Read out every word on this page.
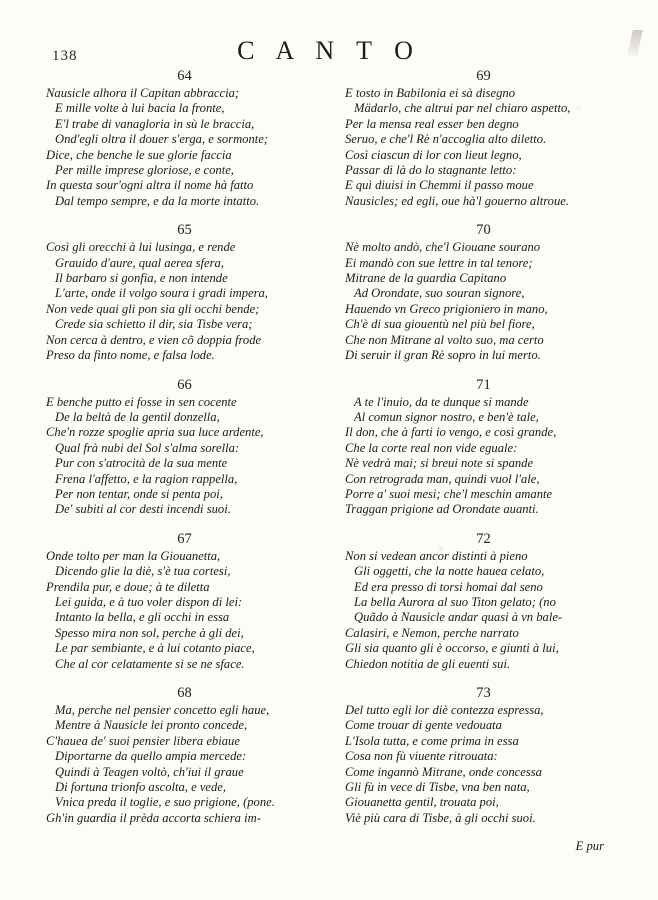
138	C A N T O
64
Nausicle alhora il Capitan abbraccia;
E mille volte à lui bacia la fronte,
E'l trabe di vanagloria in sù le braccia,
Ond'egli oltra il douer s'erga, e sormonte;
Dice, che benche le sue glorie faccia
Per mille imprese gloriose, e conte,
In questa sour'ogni altra il nome hà fatto
Dal tempo sempre, e da la morte intatto.
65
Così gli orecchi à lui lusinga, e rende
Grauido d'aure, qual aerea sfera,
Il barbaro si gonfia, e non intende
L'arte, onde il volgo soura i gradi impera,
Non vede quai gli pon sia gli occhi bende;
Crede sia schietto il dir, sia Tisbe vera;
Non cerca à dentro, e vien cõ doppia frode
Preso da finto nome, e falsa lode.
66
E benche putto ei fosse in sen cocente
De la beltà de la gentil donzella,
Che'n rozze spoglie apria sua luce ardente,
Qual frà nubi del Sol s'alma sorella:
Pur con s'atrocità de la sua mente
Frena l'affetto, e la ragion rappella,
Per non tentar, onde si penta poi,
De' subiti al cor desti incendi suoi.
67
Onde tolto per man la Giouanetta,
Dicendo glie la diè, s'è tua cortesi,
Prendila pur, e doue; à te diletta
Lei guida, e à tuo voler dispon di lei:
Intanto la bella, e gli occhi in essa
Spesso mira non sol, perche à gli dei,
Le par sembiante, e à lui cotanto piace,
Che al cor celatamente si se ne sface.
68
Ma, perche nel pensier concetto egli haue,
Mentre à Nausicle lei pronto concede,
C'hauea de' suoi pensier libera ebiaue
Diportarne da quello ampia mercede:
Quindi à Teagen voltò, ch'iui il graue
Di fortuna trionfo ascolta, e vede,
Vnica preda il toglie, e suo prigione, (pone.
Gh'in guardia il prèda accorta schiera im-
69
E tosto in Babilonia ei sà disegno
Mädarlo, che altrui par nel chiaro aspetto,
Per la mensa real esser ben degno
Seruo, e che'l Rè n'accoglia alto diletto.
Così ciascun di lor con lieut legno,
Passar di là do lo stagnante letto:
E quì diuisi in Chemmi il passo moue
Nausicles; ed egli, oue hà'l gouerno altroue.
70
Nè molto andò, che'l Giouane sourano
Ei mandò con sue lettre in tal tenore;
Mitrane de la guardia Capitano
Ad Orondate, suo souran signore,
Hauendo vn Greco prigioniero in mano,
Ch'è di sua giouentù nel più bel fiore,
Che non Mitrane al volto suo, ma certo
Di seruir il gran Rè sopro in lui merto.
71
A te l'inuio, da te dunque si mande
Al comun signor nostro, e ben'è tale,
Il don, che à farti io vengo, e così grande,
Che la corte real non vide eguale:
Nè vedrà mai; si breui note si spande
Con retrograda man, quindi vuol l'ale,
Porre a' suoi mesi; che'l meschin amante
Traggan prigione ad Orondate auanti.
72
Non si vedean ancor distinti à pieno
Gli oggetti, che la notte hauea celato,
Ed era presso di torsi homai dal seno
La bella Aurora al suo Titon gelato; (no
Quãdo à Nausicle andar quasi à vn bale-
Calasiri, e Nemon, perche narrato
Gli sia quanto gli è occorso, e giunti à lui,
Chiedon notitia de gli euenti sui.
73
Del tutto egli lor diè contezza espressa,
Come trouar di gente vedouata
L'Isola tutta, e come prima in essa
Cosa non fù viuente ritrouata:
Come ingannò Mitrane, onde concessa
Gli fù in vece di Tisbe, vna ben nata,
Giouanetta gentil, trouata poi,
Viè più cara di Tisbe, à gli occhi suoi.
E pur
